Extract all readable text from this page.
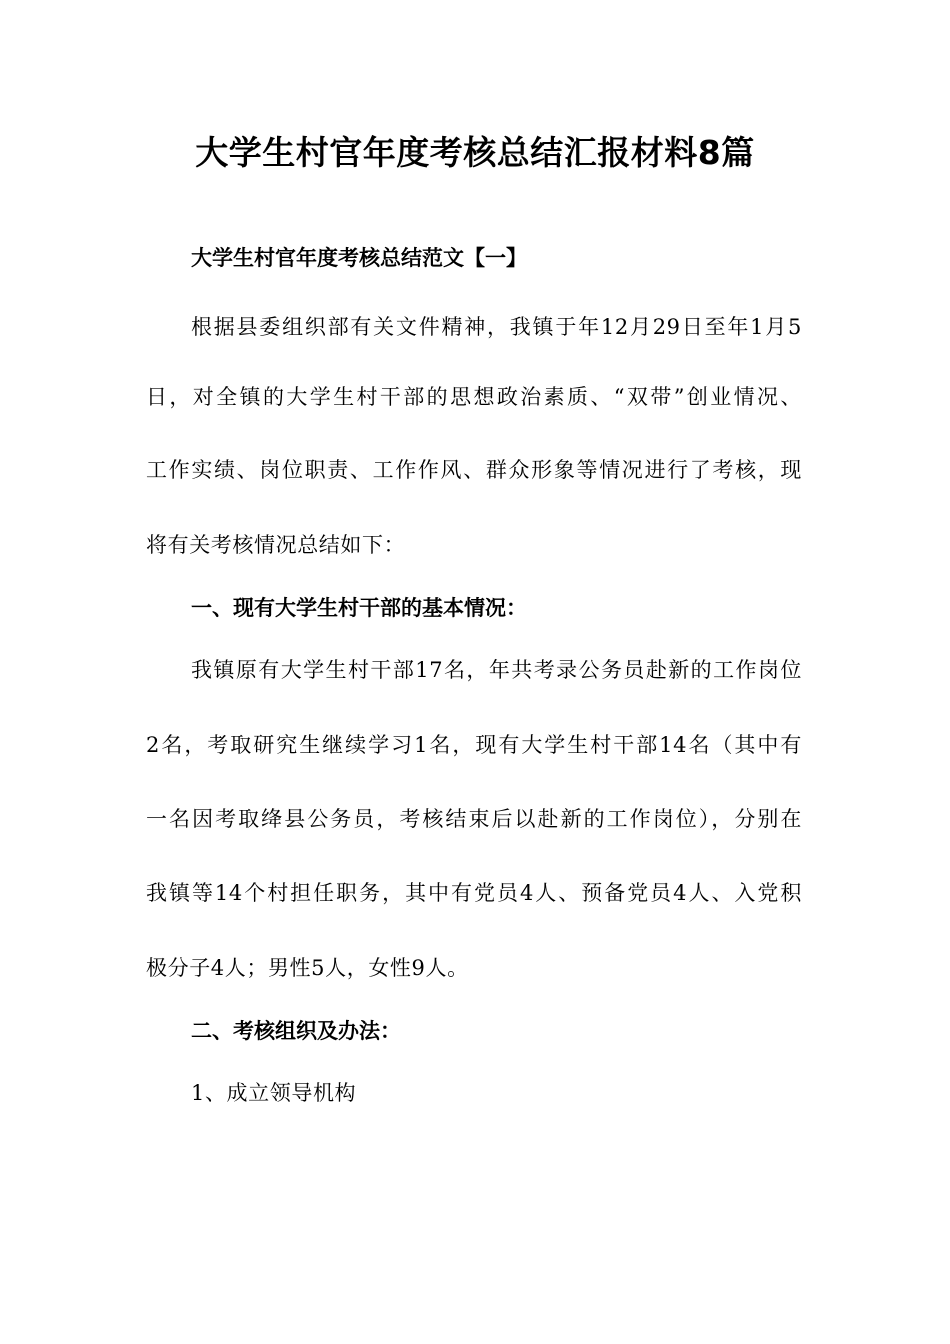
大学生村官年度考核总结汇报材料8篇
大学生村官年度考核总结范文【一】
根据县委组织部有关文件精神，我镇于年12月29日至年1月5
日，对全镇的大学生村干部的思想政治素质、“双带”创业情况、
工作实绩、岗位职责、工作作风、群众形象等情况进行了考核，现
将有关考核情况总结如下：
一、现有大学生村干部的基本情况：
我镇原有大学生村干部17名，年共考录公务员赴新的工作岗位
2名，考取研究生继续学习1名，现有大学生村干部14名（其中有
一名因考取绛县公务员，考核结束后以赴新的工作岗位），分别在
我镇等14个村担任职务，其中有党员4人、预备党员4人、入党积
极分子4人；男性5人，女性9人。
二、考核组织及办法：
1、成立领导机构
